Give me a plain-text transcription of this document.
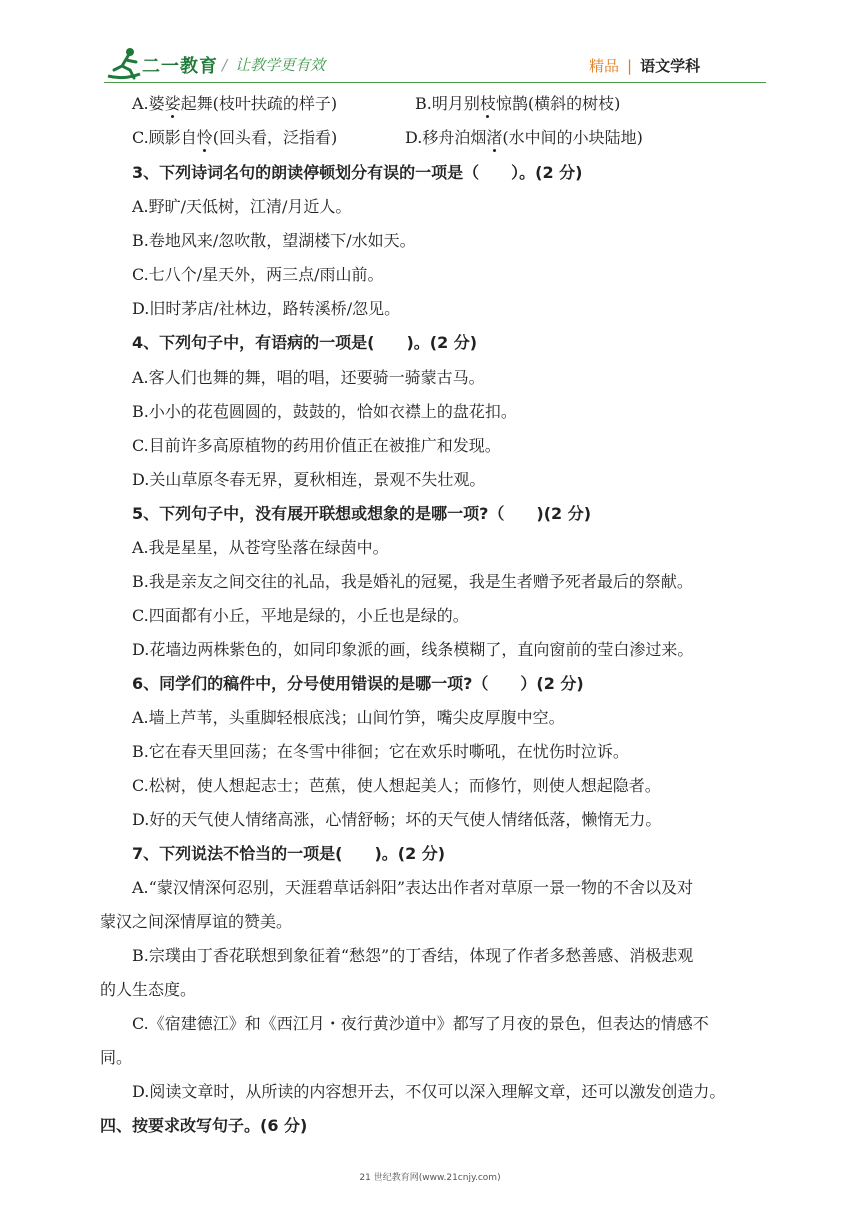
二一教育 / 让教学更有效	精品 | 语文学科
A.婆娑起舞(枝叶扶疏的样子)	B.明月别枝惊鹊(横斜的树枝)
C.顾影自怜(回头看，泛指看)	D.移舟泊烟渚(水中间的小块陆地)
3、下列诗词名句的朗读停顿划分有误的一项是（　　）。(2 分)
A.野旷/天低树，江清/月近人。
B.卷地风来/忽吹散，望湖楼下/水如天。
C.七八个/星天外，两三点/雨山前。
D.旧时茅店/社林边，路转溪桥/忽见。
4、下列句子中，有语病的一项是(　　)。(2 分)
A.客人们也舞的舞，唱的唱，还要骑一骑蒙古马。
B.小小的花苞圆圆的，鼓鼓的，恰如衣襟上的盘花扣。
C.目前许多高原植物的药用价值正在被推广和发现。
D.关山草原冬春无界，夏秋相连，景观不失壮观。
5、下列句子中，没有展开联想或想象的是哪一项?（　　)(2 分)
A.我是星星，从苍穹坠落在绿茵中。
B.我是亲友之间交往的礼品，我是婚礼的冠冕，我是生者赠予死者最后的祭献。
C.四面都有小丘，平地是绿的，小丘也是绿的。
D.花墙边两株紫色的，如同印象派的画，线条模糊了，直向窗前的莹白渗过来。
6、同学们的稿件中，分号使用错误的是哪一项?（　　）(2 分)
A.墙上芦苇，头重脚轻根底浅；山间竹笋，嘴尖皮厚腹中空。
B.它在春天里回荡；在冬雪中徘徊；它在欢乐时嘶吼，在忧伤时泣诉。
C.松树，使人想起志士；芭蕉，使人想起美人；而修竹，则使人想起隐者。
D.好的天气使人情绪高涨，心情舒畅；坏的天气使人情绪低落，懒惰无力。
7、下列说法不恰当的一项是(　　)。(2 分)
A.“蒙汉情深何忍别，天涯碧草话斜阳”表达出作者对草原一景一物的不舍以及对
蒙汉之间深情厚谊的赞美。
B.宗璞由丁香花联想到象征着“愁怨”的丁香结，体现了作者多愁善感、消极悲观
的人生态度。
C.《宿建德江》和《西江月・夜行黄沙道中》都写了月夜的景色，但表达的情感不
同。
D.阅读文章时，从所读的内容想开去，不仅可以深入理解文章，还可以激发创造力。
四、按要求改写句子。(6 分)
21 世纪教育网(www.21cnjy.com)
